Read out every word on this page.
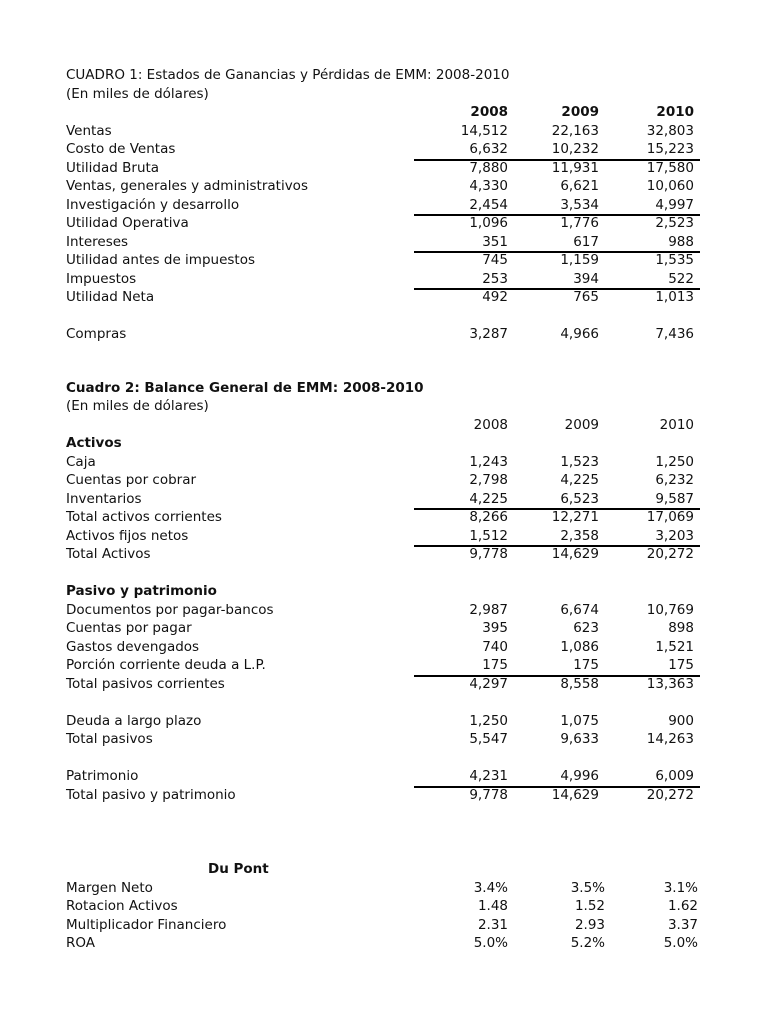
CUADRO 1: Estados de Ganancias y Pérdidas de EMM: 2008-2010
(En miles de dólares)
2008	2009	2010
Ventas	14,512	22,163	32,803
Costo de Ventas	6,632	10,232	15,223
Utilidad Bruta	7,880	11,931	17,580
Ventas, generales y administrativos	4,330	6,621	10,060
Investigación y desarrollo	2,454	3,534	4,997
Utilidad Operativa	1,096	1,776	2,523
Intereses	351	617	988
Utilidad antes de impuestos	745	1,159	1,535
Impuestos	253	394	522
Utilidad Neta	492	765	1,013
Compras	3,287	4,966	7,436
Cuadro 2: Balance General de EMM: 2008-2010
(En miles de dólares)
2008	2009	2010
Activos
Caja	1,243	1,523	1,250
Cuentas por cobrar	2,798	4,225	6,232
Inventarios	4,225	6,523	9,587
Total activos corrientes	8,266	12,271	17,069
Activos fijos netos	1,512	2,358	3,203
Total Activos	9,778	14,629	20,272
Pasivo y patrimonio
Documentos por pagar-bancos	2,987	6,674	10,769
Cuentas por pagar	395	623	898
Gastos devengados	740	1,086	1,521
Porción corriente deuda a L.P.	175	175	175
Total pasivos corrientes	4,297	8,558	13,363
Deuda a largo plazo	1,250	1,075	900
Total pasivos	5,547	9,633	14,263
Patrimonio	4,231	4,996	6,009
Total pasivo y patrimonio	9,778	14,629	20,272
Du Pont
Margen Neto	3.4%	3.5%	3.1%
Rotacion Activos	1.48	1.52	1.62
Multiplicador Financiero	2.31	2.93	3.37
ROA	5.0%	5.2%	5.0%
